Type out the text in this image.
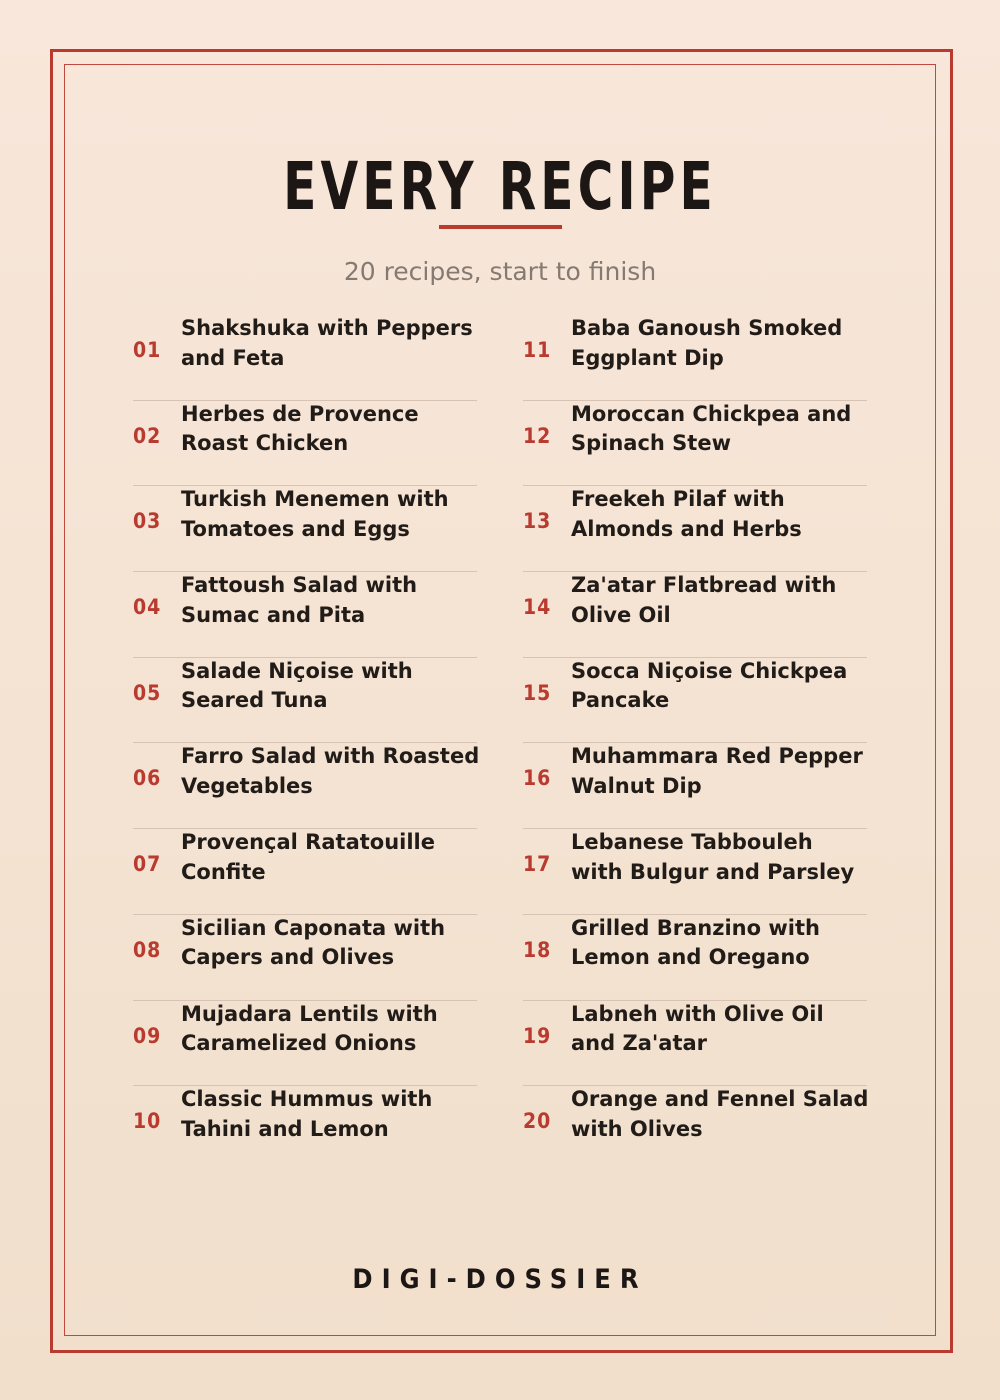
EVERY RECIPE
20 recipes, start to finish
01
Shakshuka with Peppers and Feta
02
Herbes de Provence Roast Chicken
03
Turkish Menemen with Tomatoes and Eggs
04
Fattoush Salad with Sumac and Pita
05
Salade Niçoise with Seared Tuna
06
Farro Salad with Roasted Vegetables
07
Provençal Ratatouille Confite
08
Sicilian Caponata with Capers and Olives
09
Mujadara Lentils with Caramelized Onions
10
Classic Hummus with Tahini and Lemon
11
Baba Ganoush Smoked Eggplant Dip
12
Moroccan Chickpea and Spinach Stew
13
Freekeh Pilaf with Almonds and Herbs
14
Za'atar Flatbread with Olive Oil
15
Socca Niçoise Chickpea Pancake
16
Muhammara Red Pepper Walnut Dip
17
Lebanese Tabbouleh with Bulgur and Parsley
18
Grilled Branzino with Lemon and Oregano
19
Labneh with Olive Oil and Za'atar
20
Orange and Fennel Salad with Olives
DIGI-DOSSIER
